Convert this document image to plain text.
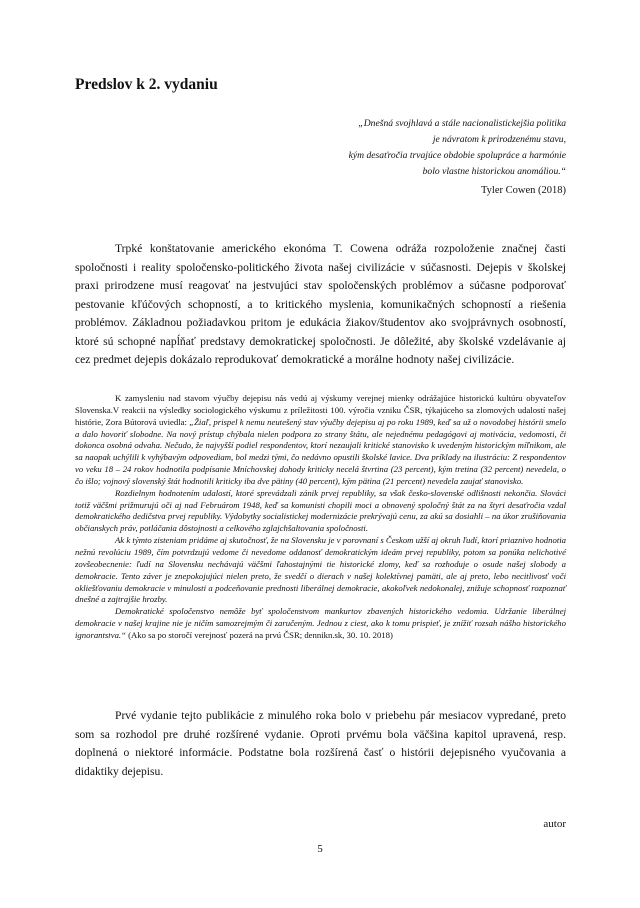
Predslov k 2. vydaniu
„Dnešná svojhlavá a stále nacionalistickejšia politika
je návratom k prirodzenému stavu,
kým desaťročia trvajúce obdobie spolupráce a harmónie
bolo vlastne historickou anomáliou.“
Tyler Cowen (2018)

Trpké konštatovanie amerického ekonóma T. Cowena odráža rozpoloženie značnej časti spoločnosti i reality spoločensko-politického života našej civilizácie v súčasnosti. Dejepis v školskej praxi prirodzene musí reagovať na jestvujúci stav spoločenských problémov a súčasne podporovať pestovanie kľúčových schopností, a to kritického myslenia, komunikačných schopností a riešenia problémov. Základnou požiadavkou pritom je edukácia žiakov/študentov ako svojprávnych osobností, ktoré sú schopné napĺňať predstavy demokratickej spoločnosti. Je dôležité, aby školské vzdelávanie aj cez predmet dejepis dokázalo reprodukovať demokratické a morálne hodnoty našej civilizácie.

K zamysleniu nad stavom výučby dejepisu nás vedú aj výskumy verejnej mienky odrážajúce historickú kultúru obyvateľov Slovenska.V reakcii na výsledky sociologického výskumu z príležitosti 100. výročia vzniku ČSR, týkajúceho sa zlomových udalostí našej histórie, Zora Bútorová uviedla: „Žiaľ, prispel k nemu neutešený stav výučby dejepisu aj po roku 1989, keď sa už o novodobej histórii smelo a dalo hovoriť slobodne. Na nový prístup chýbala nielen podpora zo strany štátu, ale nejednému pedagógovi aj motivácia, vedomosti, či dokonca osobná odvaha. Nečudo, že najvyšší podiel respondentov, ktorí nezaujali kritické stanovisko k uvedeným historickým míľnikom, ale sa naopak uchýlili k vyhýbavým odpovediam, bol medzi tými, čo nedávno opustili školské lavice. Dva príklady na ilustráciu: Z respondentov vo veku 18 – 24 rokov hodnotila podpísanie Mníchovskej dohody kriticky necelá štvrtina (23 percent), kým tretina (32 percent) nevedela, o čo išlo; vojnový slovenský štát hodnotili kriticky iba dve pätiny (40 percent), kým pätina (21 percent) nevedela zaujať stanovisko.

Rozdielnym hodnotením udalostí, ktoré sprevádzali zánik prvej republiky, sa však česko-slovenské odlišnosti nekončia. Slováci totiž väčšmi prižmurujú oči aj nad Februárom 1948, keď sa komunisti chopili moci a obnovený spoločný štát za na štyri desaťročia vzdal demokratického dedičstva prvej republiky. Výdobytky socialistickej modernizácie prekrývajú cenu, za akú sa dosiahli – na úkor zrušiňovania občianskych práv, potláčania dôstojnosti a celkového zglajchšaltovania spoločnosti.

Ak k týmto zisteniam pridáme aj skutočnosť, že na Slovensku je v porovnaní s Českom užší aj okruh ľudí, ktorí priaznivo hodnotia nežnú revolúciu 1989, čím potvrdzujú vedome či nevedome oddanosť demokratickým ideám prvej republiky, potom sa ponúka nelichotivé zovšeobecnenie: ľudí na Slovensku nechávajú väčšmi ľahostajnými tie historické zlomy, keď sa rozhoduje o osude našej slobody a demokracie. Tento záver je znepokojujúci nielen preto, že svedčí o dierach v našej kolektívnej pamäti, ale aj preto, lebo necitlivosť voči okliešťovaniu demokracie v minulosti a podceňovanie prednosti liberálnej demokracie, akokoľvek nedokonalej, znižuje schopnosť rozpoznať dnešné a zajtrajšie hrozby.

Demokratické spoločenstvo nemôže byť spoločenstvom mankurtov zbavených historického vedomia. Udržanie liberálnej demokracie v našej krajine nie je ničím samozrejmým či zaručeným. Jednou z ciest, ako k tomu prispieť, je znížiť rozsah nášho historického ignorantstva.“ (Ako sa po storočí verejnosť pozerá na prvú ČSR; dennikn.sk, 30. 10. 2018)

Prvé vydanie tejto publikácie z minulého roka bolo v priebehu pár mesiacov vypredané, preto som sa rozhodol pre druhé rozšírené vydanie. Oproti prvému bola väčšina kapitol upravená, resp. doplnená o niektoré informácie. Podstatne bola rozšírená časť o histórii dejepisného vyučovania a didaktiky dejepisu.

autor
5
